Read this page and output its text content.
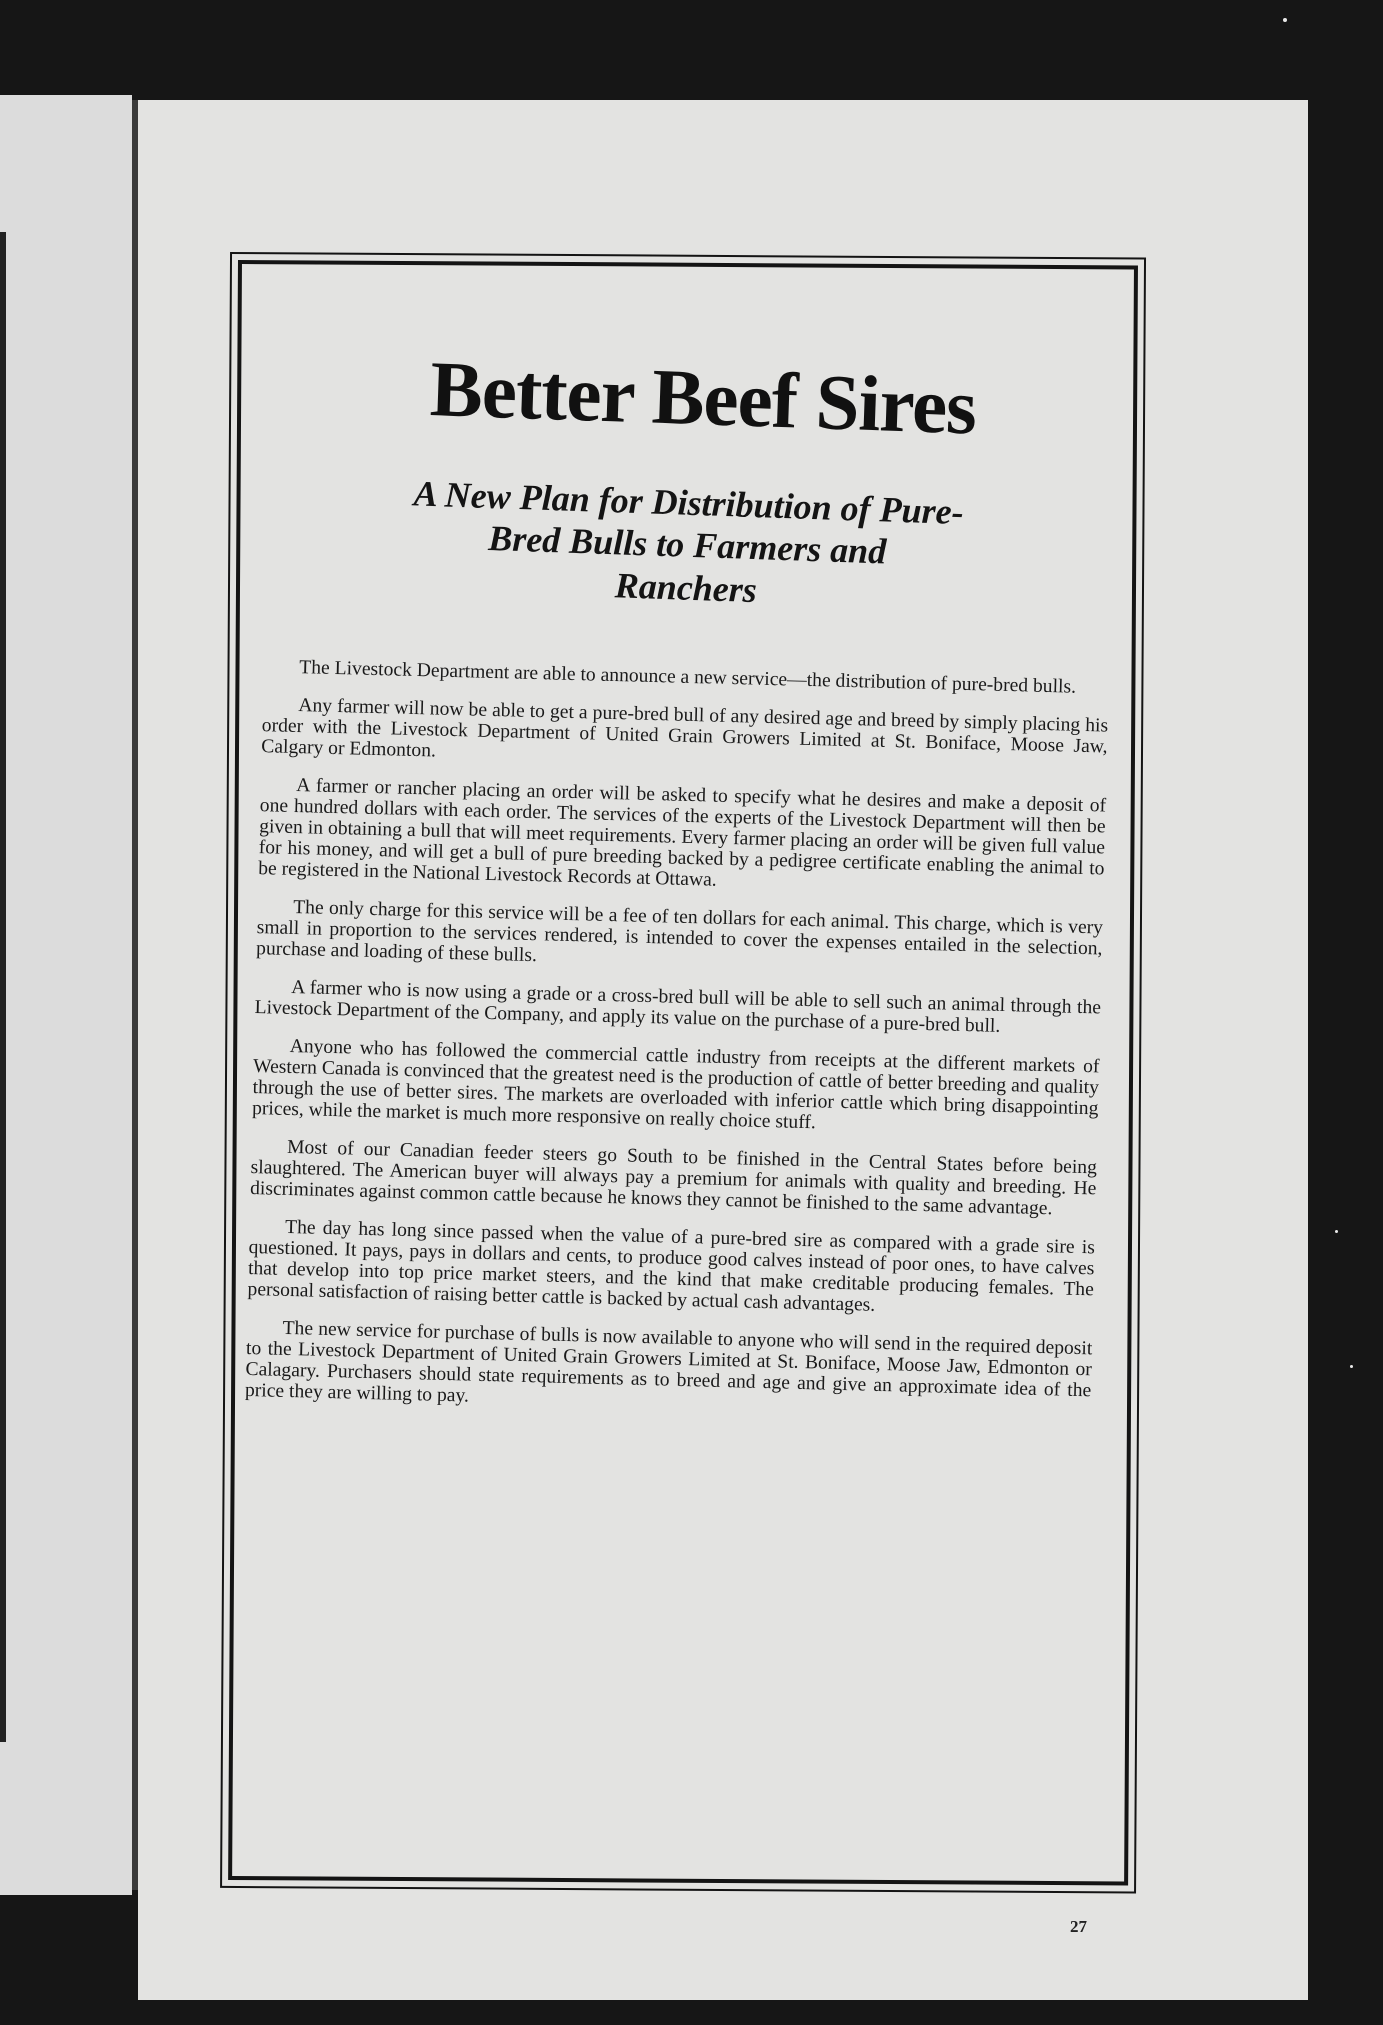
Better Beef Sires
A New Plan for Distribution of Pure-
Bred Bulls to Farmers and
Ranchers

The Livestock Department are able to announce a new service—the distribution of pure-bred bulls.

Any farmer will now be able to get a pure-bred bull of any desired age and breed by simply placing his order with the Livestock Department of United Grain Growers Limited at St. Boniface, Moose Jaw, Calgary or Edmonton.

A farmer or rancher placing an order will be asked to specify what he desires and make a deposit of one hundred dollars with each order. The services of the experts of the Livestock Department will then be given in obtaining a bull that will meet requirements. Every farmer placing an order will be given full value for his money, and will get a bull of pure breeding backed by a pedigree certificate enabling the animal to be registered in the National Livestock Records at Ottawa.

The only charge for this service will be a fee of ten dollars for each animal. This charge, which is very small in proportion to the services rendered, is intended to cover the expenses entailed in the selection, purchase and loading of these bulls.

A farmer who is now using a grade or a cross-bred bull will be able to sell such an animal through the Livestock Department of the Company, and apply its value on the purchase of a pure-bred bull.

Anyone who has followed the commercial cattle industry from receipts at the different markets of Western Canada is convinced that the greatest need is the production of cattle of better breeding and quality through the use of better sires. The markets are overloaded with inferior cattle which bring disappointing prices, while the market is much more responsive on really choice stuff.

Most of our Canadian feeder steers go South to be finished in the Central States before being slaughtered. The American buyer will always pay a premium for animals with quality and breeding. He discriminates against common cattle because he knows they cannot be finished to the same advantage.

The day has long since passed when the value of a pure-bred sire as compared with a grade sire is questioned. It pays, pays in dollars and cents, to produce good calves instead of poor ones, to have calves that develop into top price market steers, and the kind that make creditable producing females. The personal satisfaction of raising better cattle is backed by actual cash advantages.

The new service for purchase of bulls is now available to anyone who will send in the required deposit to the Livestock Department of United Grain Growers Limited at St. Boniface, Moose Jaw, Edmonton or Calagary. Purchasers should state requirements as to breed and age and give an approximate idea of the price they are willing to pay.

27
